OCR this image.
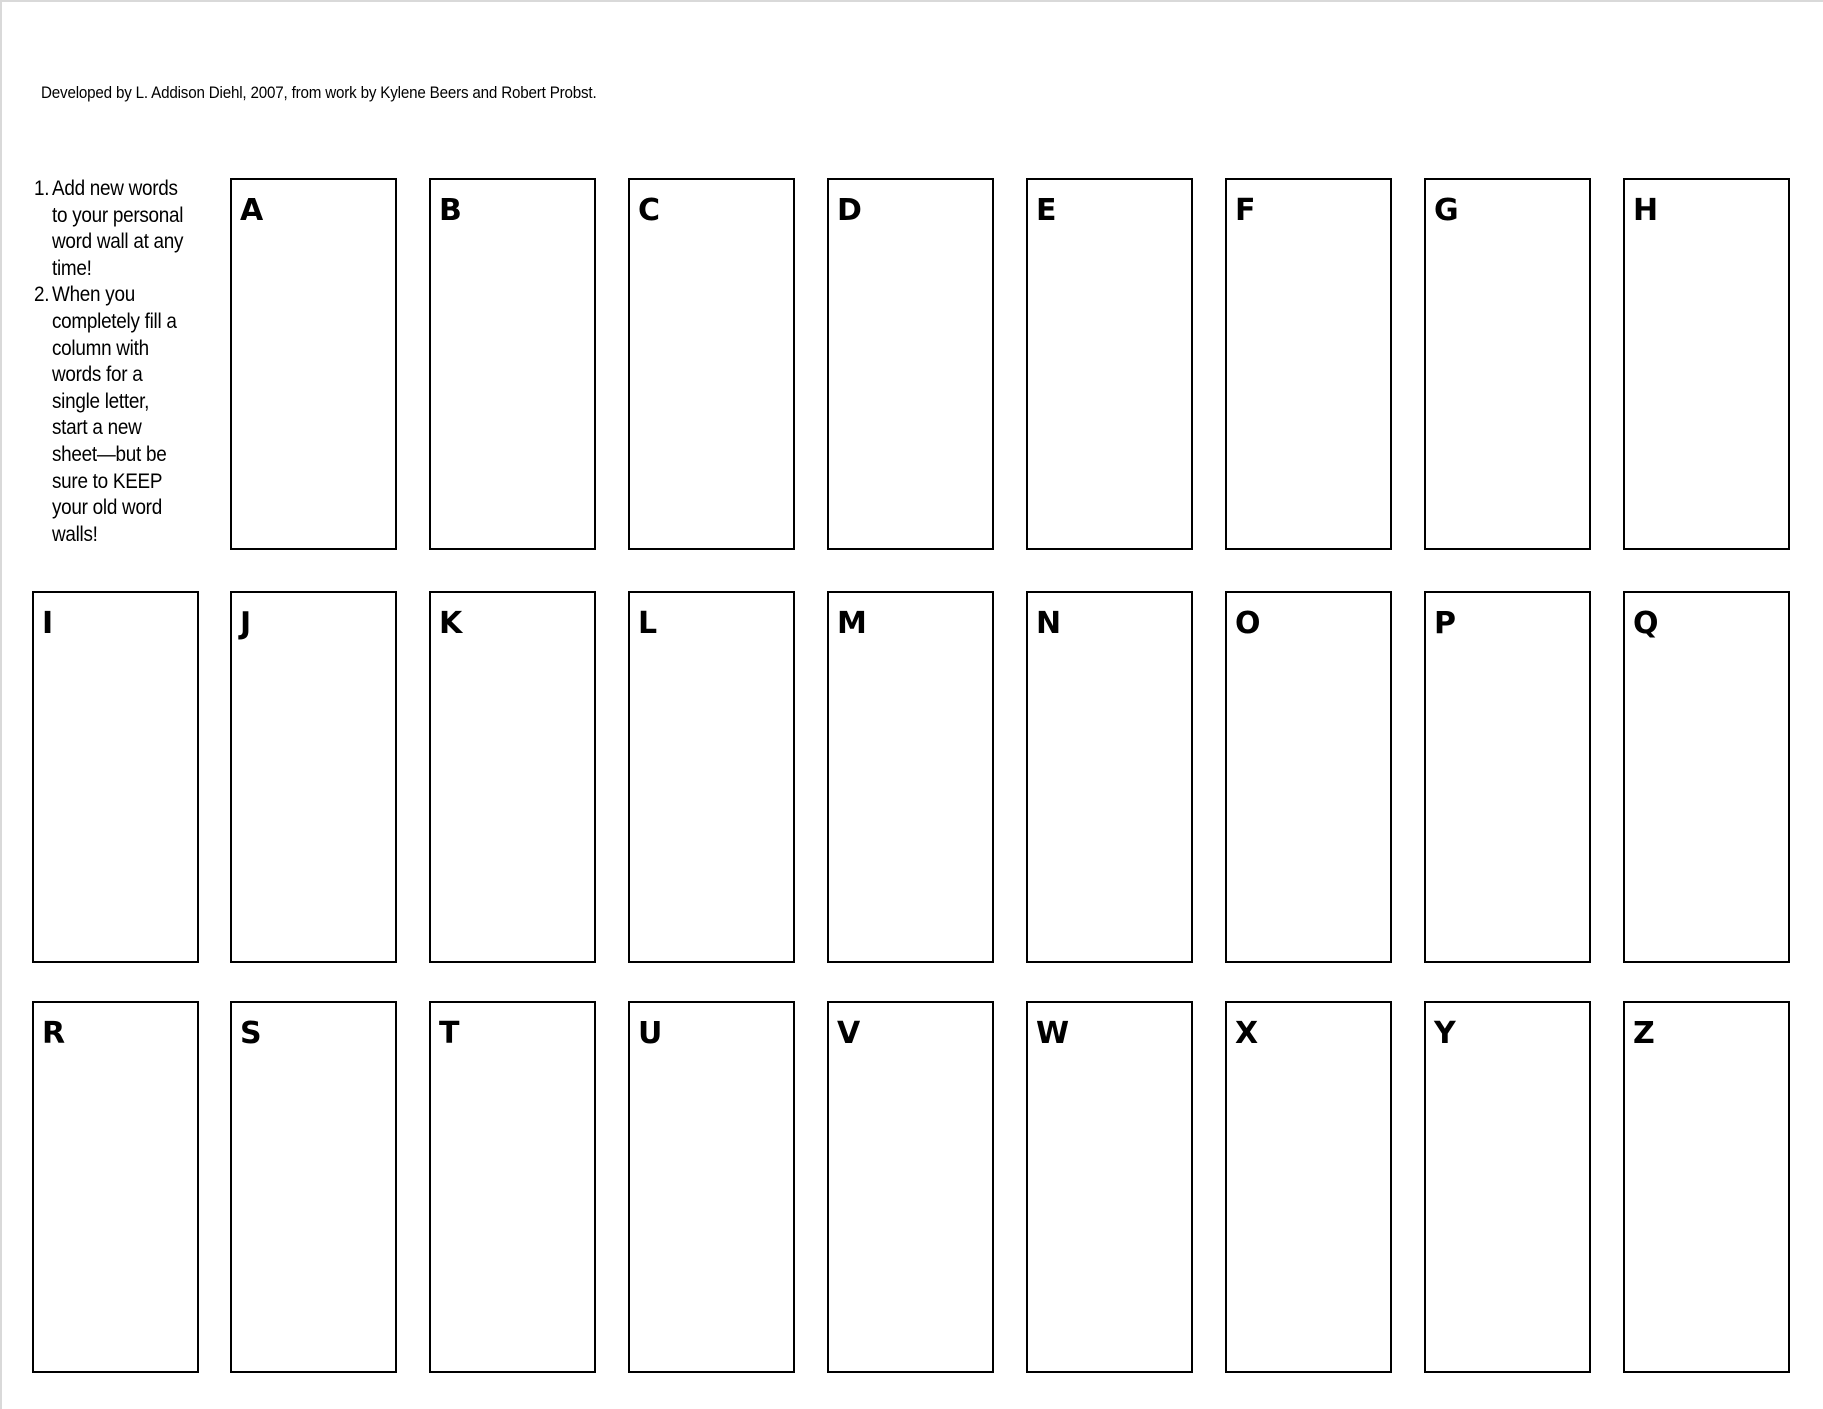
Developed by L. Addison Diehl, 2007, from work by Kylene Beers and Robert Probst.
1. Add new words
to your personal
word wall at any
time!
2. When you
completely fill a
column with
words for a
single letter,
start a new
sheet—but be
sure to KEEP
your old word
walls!
A	B	C	D	E	F	G	H
I	J	K	L	M	N	O	P	Q
R	S	T	U	V	W	X	Y	Z
